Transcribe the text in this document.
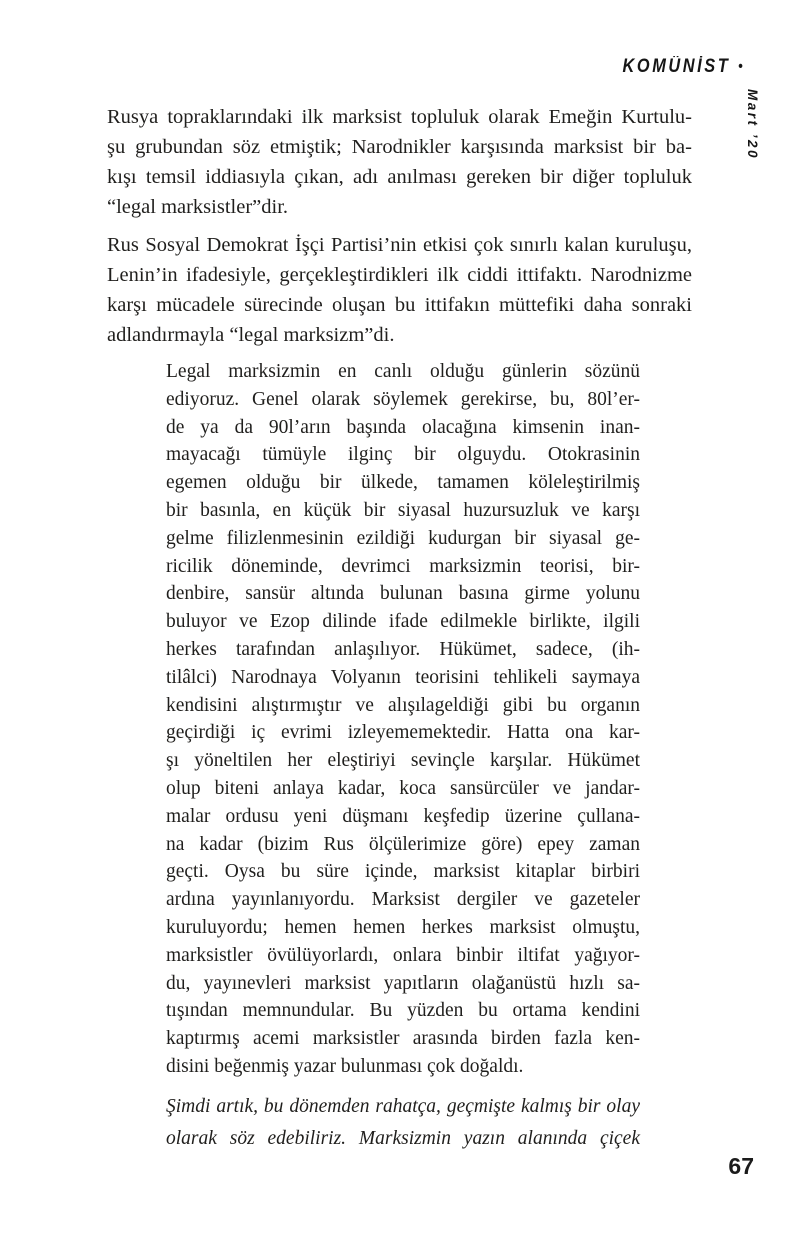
KOMÜNİST •
Mart ’20
Rusya topraklarındaki ilk marksist topluluk olarak Emeğin Kurtulu-
şu grubundan söz etmiştik; Narodnikler karşısında marksist bir ba-
kışı temsil iddiasıyla çıkan, adı anılması gereken bir diğer topluluk
“legal marksistler”dir.
Rus Sosyal Demokrat İşçi Partisi’nin etkisi çok sınırlı kalan kuruluşu,
Lenin’in ifadesiyle, gerçekleştirdikleri ilk ciddi ittifaktı. Narodnizme
karşı mücadele sürecinde oluşan bu ittifakın müttefiki daha sonraki
adlandırmayla “legal marksizm”di.
Legal marksizmin en canlı olduğu günlerin sözünü
ediyoruz. Genel olarak söylemek gerekirse, bu, 80l’er-
de ya da 90l’arın başında olacağına kimsenin inan-
mayacağı tümüyle ilginç bir olguydu. Otokrasinin
egemen olduğu bir ülkede, tamamen köleleştirilmiş
bir basınla, en küçük bir siyasal huzursuzluk ve karşı
gelme filizlenmesinin ezildiği kudurgan bir siyasal ge-
ricilik döneminde, devrimci marksizmin teorisi, bir-
denbire, sansür altında bulunan basına girme yolunu
buluyor ve Ezop dilinde ifade edilmekle birlikte, ilgili
herkes tarafından anlaşılıyor. Hükümet, sadece, (ih-
tilâlci) Narodnaya Volyanın teorisini tehlikeli saymaya
kendisini alıştırmıştır ve alışılageldiği gibi bu organın
geçirdiği iç evrimi izleyememektedir. Hatta ona kar-
şı yöneltilen her eleştiriyi sevinçle karşılar. Hükümet
olup biteni anlaya kadar, koca sansürcüler ve jandar-
malar ordusu yeni düşmanı keşfedip üzerine çullana-
na kadar (bizim Rus ölçülerimize göre) epey zaman
geçti. Oysa bu süre içinde, marksist kitaplar birbiri
ardına yayınlanıyordu. Marksist dergiler ve gazeteler
kuruluyordu; hemen hemen herkes marksist olmuştu,
marksistler övülüyorlardı, onlara binbir iltifat yağıyor-
du, yayınevleri marksist yapıtların olağanüstü hızlı sa-
tışından memnundular. Bu yüzden bu ortama kendini
kaptırmış acemi marksistler arasında birden fazla ken-
disini beğenmiş yazar bulunması çok doğaldı.
Şimdi artık, bu dönemden rahatça, geçmişte kalmış bir olay
olarak söz edebiliriz. Marksizmin yazın alanında çiçek
67
